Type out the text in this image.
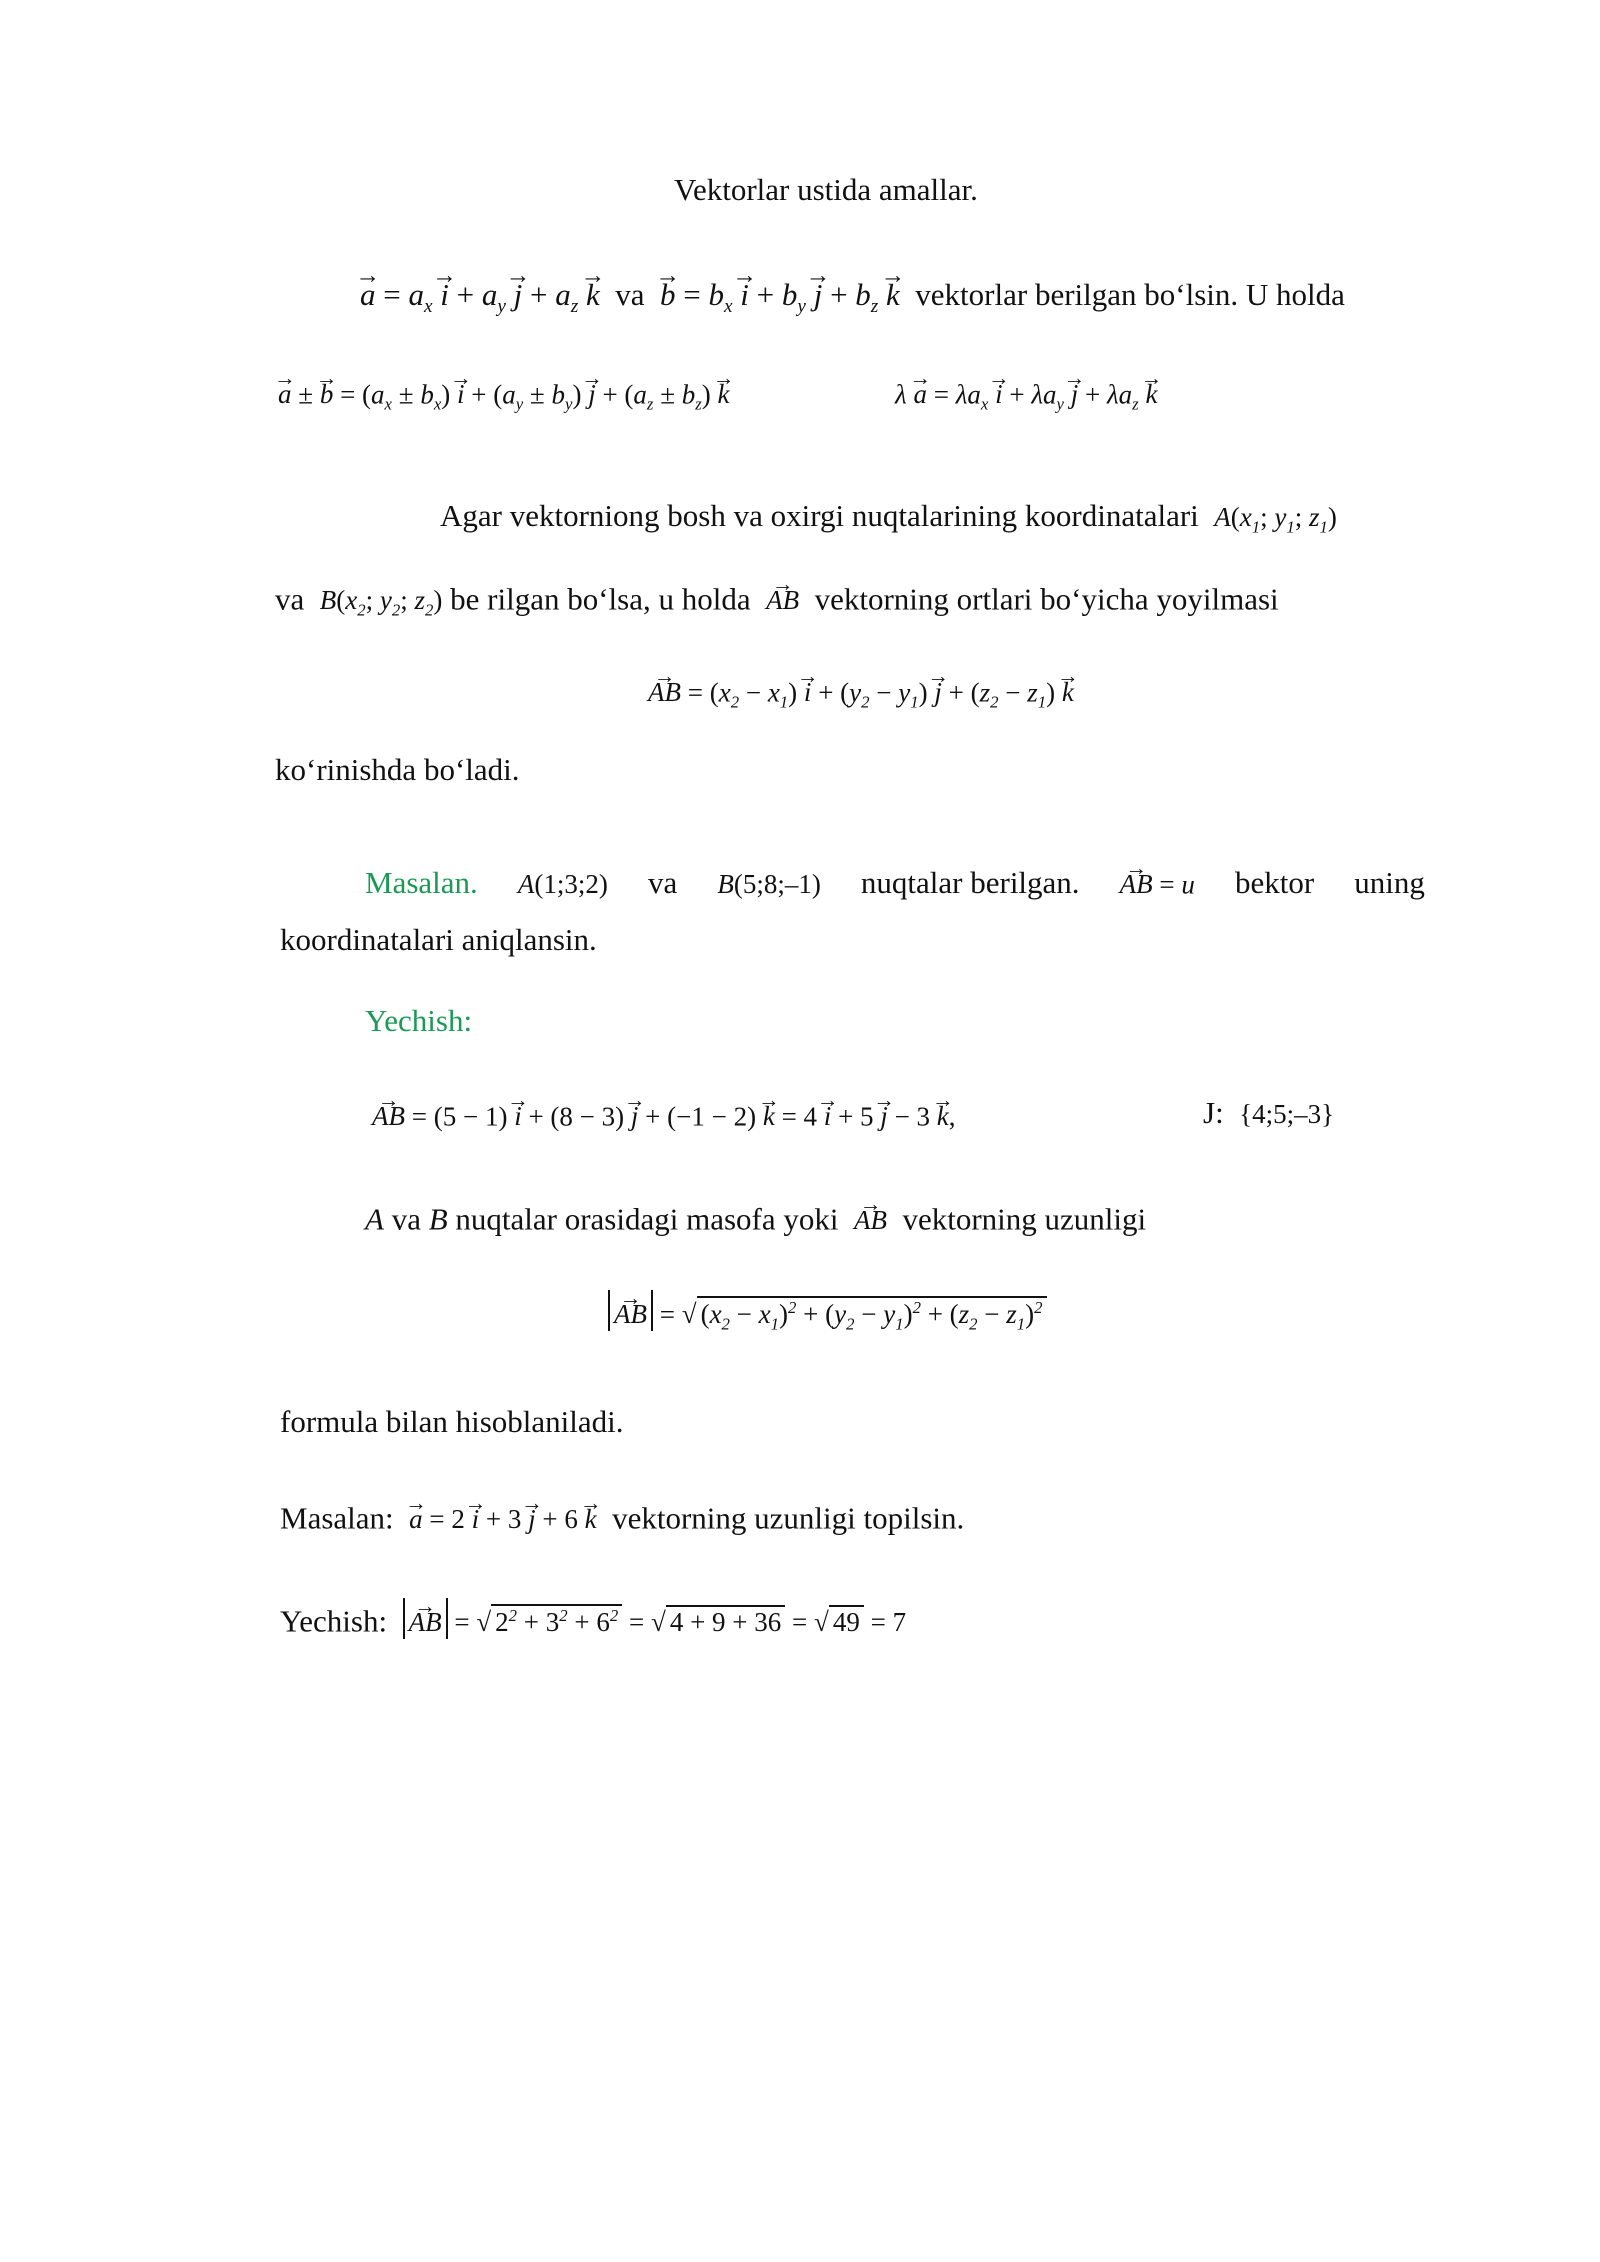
Vektorlar ustida amallar.
→ $a = a_x \to i + a_y \to j + a_z \to k$ va → $b = b_x \to i + b_y \to j + b_z \to k$ vektorlar berilgan bo‘lsin. U holda
→ a ± → $b = (a_x \pm b_x) \to i + (a_y \pm b_y) \to j + (a_z \pm b_z) \to k$	$\lambda \to a = \lambda a_x \to i + \lambda a_y \to j + \lambda a_z \to k$
Agar vektorniong bosh va oxirgi nuqtalarining koordinatalari $A(x_1$; $y_1$; $z_1$)
va $B(x_2$; $y_2$; $z_2$) be rilgan bo‘lsa, u holda → AB vektorning ortlari bo‘yicha yoyilmasi
→ AB = $(x_2 - x_1) \to i + (y_2 - y_1) \to j + (z_2 - z_1) \to k$
ko‘rinishda bo‘ladi.
Masalan. A(1;3;2) va B(5;8;–1) nuqtalar berilgan. → AB = u bektor uning
koordinatalari aniqlansin.
Yechish:
→ AB = (5 − 1) → i + (8 − 3) → j + (−1 − 2) → k = 4 → i + 5 → j − 3 → k,	J: {4;5;–3}
A va B nuqtalar orasidagi masofa yoki → AB vektorning uzunligi
→ AB = √ $(x_2 - x_1)^2 + (y_2 - y_1)^2 + (z_2 - z_1)^2$
formula bilan hisoblaniladi.
Masalan: → a = 2 → i + 3 → j + 6 → k vektorning uzunligi topilsin.
Yechish: → AB = √ $2^2 + 3^2 + 6^2$ = √ 4 + 9 + 36 = √ 49 = 7
